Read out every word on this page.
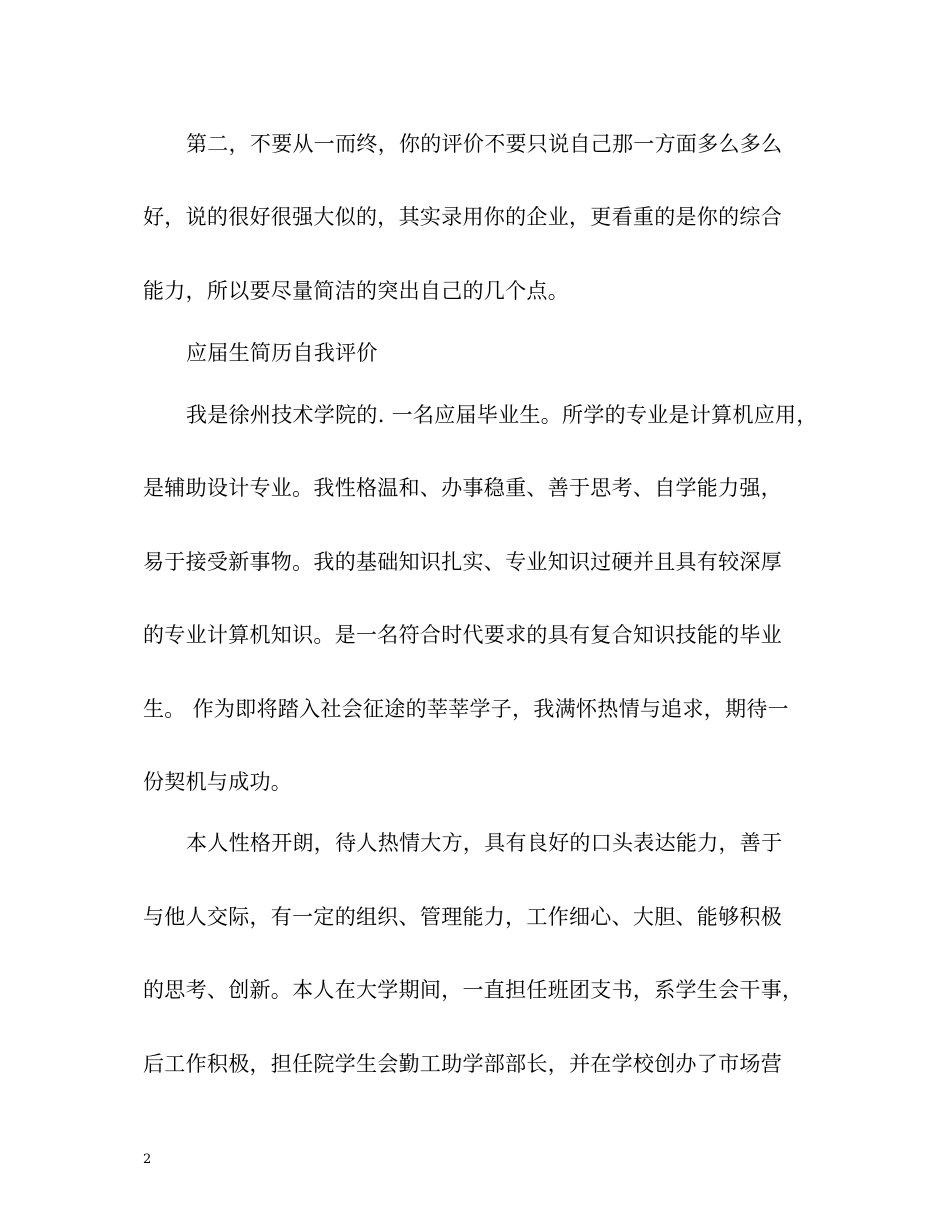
第二，不要从一而终，你的评价不要只说自己那一方面多么多么
好，说的很好很强大似的，其实录用你的企业，更看重的是你的综合
能力，所以要尽量简洁的突出自己的几个点。
应届生简历自我评价
我是徐州技术学院的. 一名应届毕业生。所学的专业是计算机应用，
是辅助设计专业。我性格温和、办事稳重、善于思考、自学能力强，
易于接受新事物。我的基础知识扎实、专业知识过硬并且具有较深厚
的专业计算机知识。是一名符合时代要求的具有复合知识技能的毕业
生。 作为即将踏入社会征途的莘莘学子，我满怀热情与追求，期待一
份契机与成功。
本人性格开朗，待人热情大方，具有良好的口头表达能力，善于
与他人交际，有一定的组织、管理能力，工作细心、大胆、能够积极
的思考、创新。本人在大学期间，一直担任班团支书，系学生会干事，
后工作积极，担任院学生会勤工助学部部长，并在学校创办了市场营
2
